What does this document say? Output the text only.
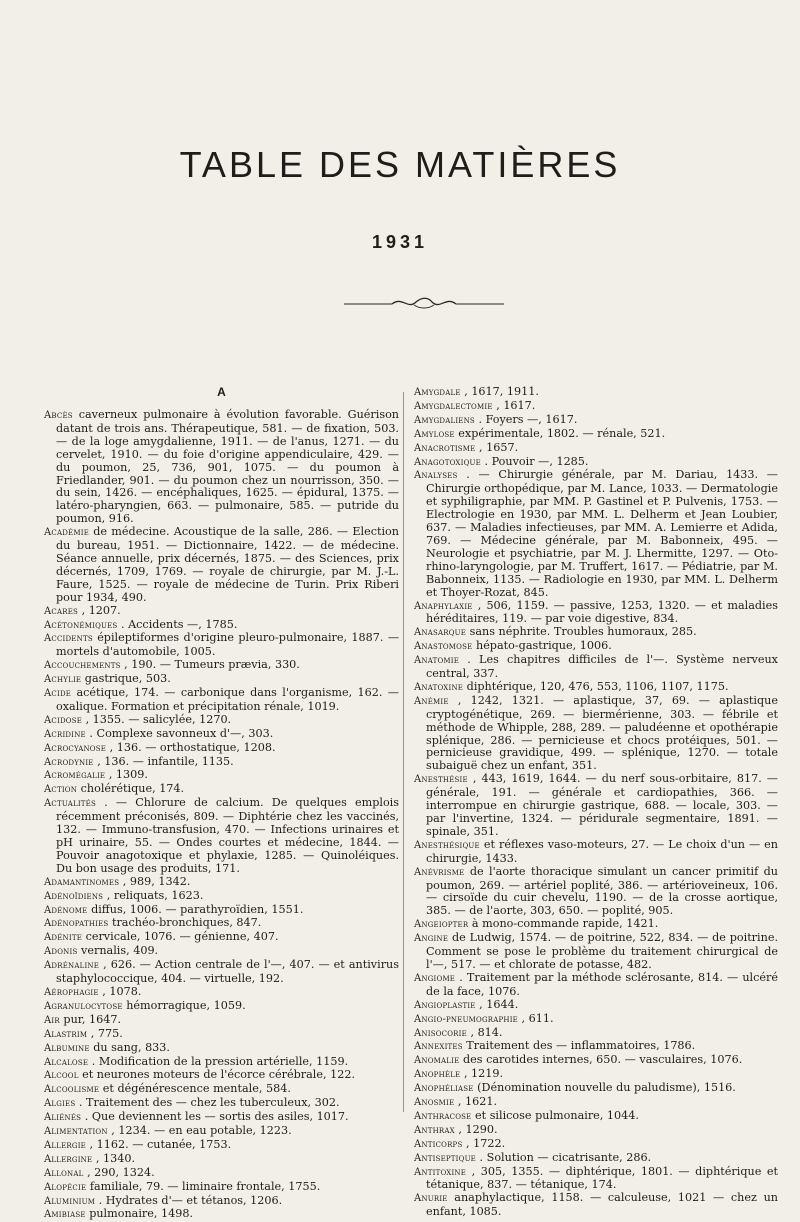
TABLE DES MATIÈRES
1931
A

Abcès caverneux pulmonaire à évolution favorable. Guérison datant de trois ans. Thérapeutique, 581. — de fixation, 503. — de la loge amygdalienne, 1911. — de l'anus, 1271. — du cervelet, 1910. — du foie d'origine appendiculaire, 429. — du poumon, 25, 736, 901, 1075. — du poumon à Friedlander, 901. — du poumon chez un nourrisson, 350. — du sein, 1426. — encéphaliques, 1625. — épidural, 1375. — latéro-pharyngien, 663. — pulmonaire, 585. — putride du poumon, 916.

Académie de médecine. Acoustique de la salle, 286. — Election du bureau, 1951. — Dictionnaire, 1422. — de médecine. Séance annuelle, prix décernés, 1875. — des Sciences, prix décernés, 1709, 1769. — royale de chirurgie, par M. J.-L. Faure, 1525. — royale de médecine de Turin. Prix Riberi pour 1934, 490.

Acares , 1207.

Acétonémiques . Accidents —, 1785.

Accidents épileptiformes d'origine pleuro-pulmonaire, 1887. — mortels d'automobile, 1005.

Accouchements , 190. — Tumeurs prævia, 330.

Achylie gastrique, 503.

Acide acétique, 174. — carbonique dans l'organisme, 162. — oxalique. Formation et précipitation rénale, 1019.

Acidose , 1355. — salicylée, 1270.

Acridine . Complexe savonneux d'—, 303.

Acrocyanose , 136. — orthostatique, 1208.

Acrodynie , 136. — infantile, 1135.

Acromégalie , 1309.

Action cholérétique, 174.

Actualités . — Chlorure de calcium. De quelques emplois récemment préconisés, 809. — Diphtérie chez les vaccinés, 132. — Immuno-transfusion, 470. — Infections urinaires et pH urinaire, 55. — Ondes courtes et médecine, 1844. — Pouvoir anagotoxique et phylaxie, 1285. — Quinoléiques. Du bon usage des produits, 171.

Adamantinomes , 989, 1342.

Adénoïdiens , reliquats, 1623.

Adénome diffus, 1006. — parathyroïdien, 1551.

Adénopathies trachéo-bronchiques, 847.

Adénite cervicale, 1076. — génienne, 407.

Adonis vernalis, 409.

Adrénaline , 626. — Action centrale de l'—, 407. — et antivirus staphylococcique, 404. — virtuelle, 192.

Aérophagie , 1078.

Agranulocytose hémorragique, 1059.

Air pur, 1647.

Alastrim , 775.

Albumine du sang, 833.

Alcalose . Modification de la pression artérielle, 1159.

Alcool et neurones moteurs de l'écorce cérébrale, 122.

Alcoolisme et dégénérescence mentale, 584.

Algies . Traitement des — chez les tuberculeux, 302.

Aliénés . Que deviennent les — sortis des asiles, 1017.

Alimentation , 1234. — en eau potable, 1223.

Allergie , 1162. — cutanée, 1753.

Allergine , 1340.

Allonal , 290, 1324.

Alopécie familiale, 79. — liminaire frontale, 1755.

Aluminium . Hydrates d'— et tétanos, 1206.

Amibiase pulmonaire, 1498.

Amygdale , 1617, 1911.

Amygdalectomie , 1617.

Amygdaliens . Foyers —, 1617.

Amylose expérimentale, 1802. — rénale, 521.

Anacrotisme , 1657.

Anagotoxique . Pouvoir —, 1285.

Analyses . — Chirurgie générale, par M. Dariau, 1433. — Chirurgie orthopédique, par M. Lance, 1033. — Dermatologie et syphiligraphie, par MM. P. Gastinel et P. Pulvenis, 1753. — Electrologie en 1930, par MM. L. Delherm et Jean Loubier, 637. — Maladies infectieuses, par MM. A. Lemierre et Adida, 769. — Médecine générale, par M. Babonneix, 495. — Neurologie et psychiatrie, par M. J. Lhermitte, 1297. — Oto-rhino-laryngologie, par M. Truffert, 1617. — Pédiatrie, par M. Babonneix, 1135. — Radiologie en 1930, par MM. L. Delherm et Thoyer-Rozat, 845.

Anaphylaxie , 506, 1159. — passive, 1253, 1320. — et maladies héréditaires, 119. — par voie digestive, 834.

Anasarque sans néphrite. Troubles humoraux, 285.

Anastomose hépato-gastrique, 1006.

Anatomie . Les chapitres difficiles de l'—. Système nerveux central, 337.

Anatoxine diphtérique, 120, 476, 553, 1106, 1107, 1175.

Anémie , 1242, 1321. — aplastique, 37, 69. — aplastique cryptogénétique, 269. — biermérienne, 303. — fébrile et méthode de Whipple, 288, 289. — paludéenne et opothérapie splénique, 286. — pernicieuse et chocs protéiques, 501. — pernicieuse gravidique, 499. — splénique, 1270. — totale subaiguë chez un enfant, 351.

Anesthésie , 443, 1619, 1644. — du nerf sous-orbitaire, 817. — générale, 191. — générale et cardiopathies, 366. — interrompue en chirurgie gastrique, 688. — locale, 303. — par l'invertine, 1324. — péridurale segmentaire, 1891. — spinale, 351.

Anesthésique et réflexes vaso-moteurs, 27. — Le choix d'un — en chirurgie, 1433.

Anévrisme de l'aorte thoracique simulant un cancer primitif du poumon, 269. — artériel poplité, 386. — artérioveineux, 106. — cirsoïde du cuir chevelu, 1190. — de la crosse aortique, 385. — de l'aorte, 303, 650. — poplité, 905.

Angeiopter à mono-commande rapide, 1421.

Angine de Ludwig, 1574. — de poitrine, 522, 834. — de poitrine. Comment se pose le problème du traitement chirurgical de l'—, 517. — et chlorate de potasse, 482.

Angiome . Traitement par la méthode sclérosante, 814. — ulcéré de la face, 1076.

Angioplastie , 1644.

Angio-pneumographie , 611.

Anisocorie , 814.

Annexites Traitement des — inflammatoires, 1786.

Anomalie des carotides internes, 650. — vasculaires, 1076.

Anophèle , 1219.

Anophéliase (Dénomination nouvelle du paludisme), 1516.

Anosmie , 1621.

Anthracose et silicose pulmonaire, 1044.

Anthrax , 1290.

Anticorps , 1722.

Antiseptique . Solution — cicatrisante, 286.

Antitoxine , 305, 1355. — diphtérique, 1801. — diphtérique et tétanique, 837. — tétanique, 174.

Anurie anaphylactique, 1158. — calculeuse, 1021 — chez un enfant, 1085.
